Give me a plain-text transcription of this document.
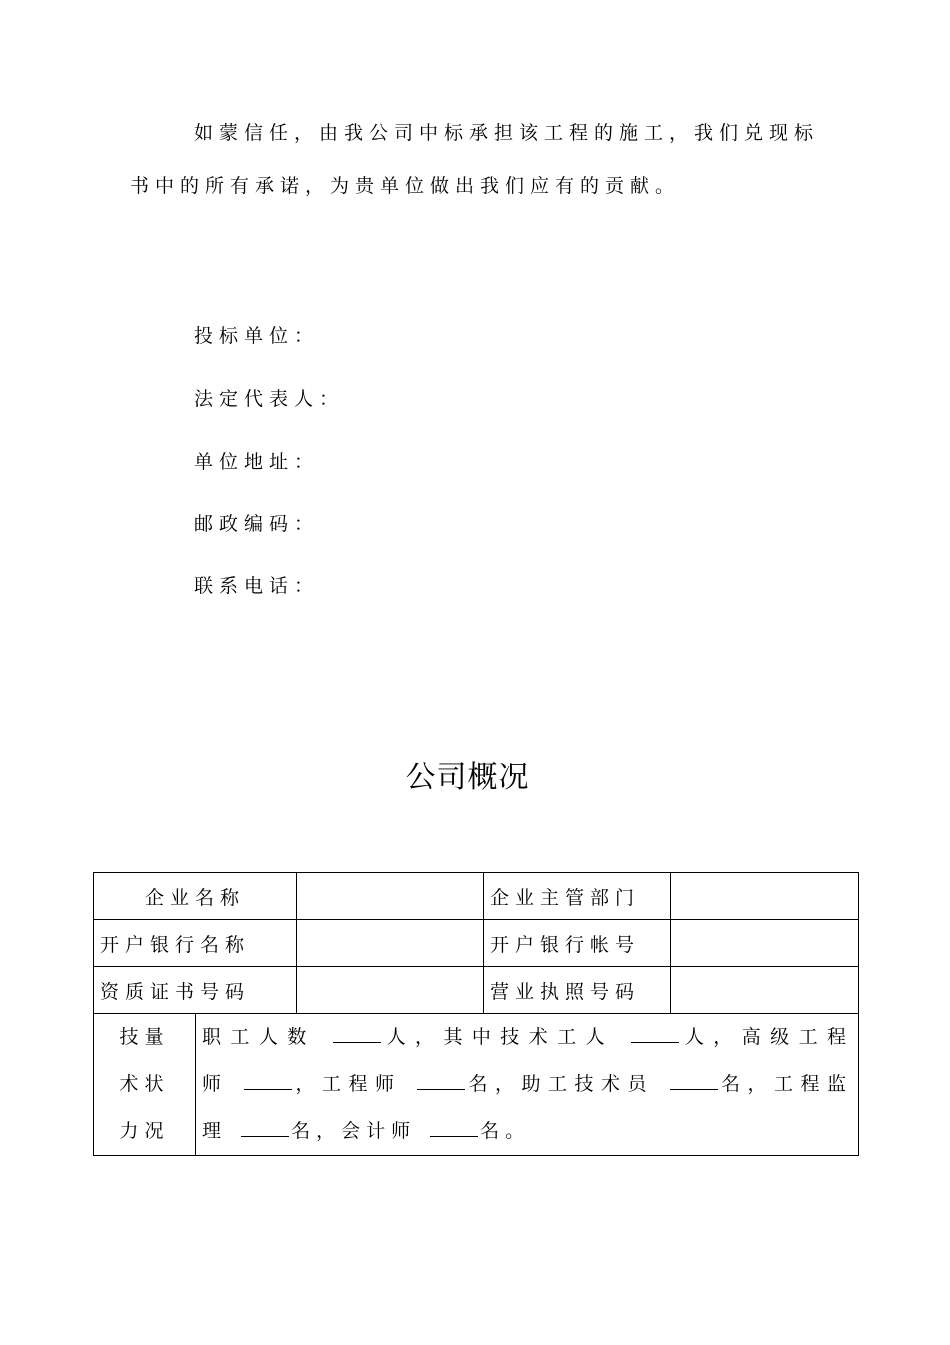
如蒙信任，由我公司中标承担该工程的施工，我们兑现标
书中的所有承诺，为贵单位做出我们应有的贡献。
投标单位：
法定代表人：
单位地址：
邮政编码：
联系电话：
公司概况
企业名称			企业主管部门	
开户银行名称			开户银行帐号	
资质证书号码			营业执照号码	
技量
术状
力况	职工人数 人，其中技术工人 人，高级工程
师 ，工程师 名，助工技术员 名，工程监
理 名，会计师 名。			
